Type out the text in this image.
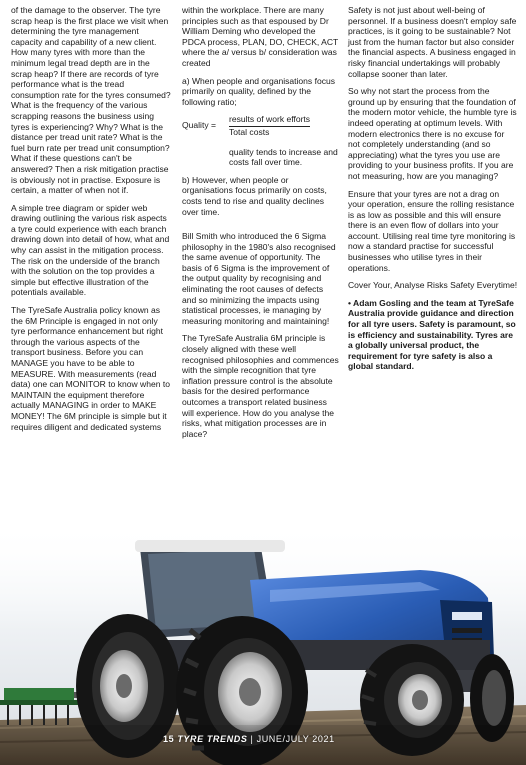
of the damage to the observer. The tyre scrap heap is the first place we visit when determining the tyre management capacity and capability of a new client. How many tyres with more than the minimum legal tread depth are in the scrap heap? If there are records of tyre performance what is the tread consumption rate for the tyres consumed? What is the frequency of the various scrapping reasons the business using tyres is experiencing? Why? What is the distance per tread unit rate? What is the fuel burn rate per tread unit consumption? What if these questions can't be answered? Then a risk mitigation practise is obviously not in practise. Exposure is certain, a matter of when not if.

A simple tree diagram or spider web drawing outlining the various risk aspects a tyre could experience with each branch drawing down into detail of how, what and why can assist in the mitigation process. The risk on the underside of the branch with the solution on the top provides a simple but effective illustration of the potentials available.

The TyreSafe Australia policy known as the 6M Principle is engaged in not only tyre performance enhancement but right through the various aspects of the transport business. Before you can MANAGE you have to be able to MEASURE. With measurements (read data) one can MONITOR to know when to MAINTAIN the equipment therefore actually MANAGING in order to MAKE MONEY! The 6M principle is simple but it requires diligent and dedicated systems

within the workplace. There are many principles such as that espoused by Dr William Deming who developed the PDCA process, PLAN, DO, CHECK, ACT where the a/ versus b/ consideration was created

a) When people and organisations focus primarily on quality, defined by the following ratio;

Quality =
results of work efforts
Total costs
quality tends to increase and costs fall over time.

b) However, when people or organisations focus primarily on costs, costs tend to rise and quality declines over time.

Bill Smith who introduced the 6 Sigma philosophy in the 1980's also recognised the same avenue of opportunity. The basis of 6 Sigma is the improvement of the output quality by recognising and eliminating the root causes of defects and so minimizing the impacts using statistical processes, ie managing by measuring monitoring and maintaining!

The TyreSafe Australia 6M principle is closely aligned with these well recognised philosophies and commences with the simple recognition that tyre inflation pressure control is the absolute basis for the desired performance outcomes a transport related business will experience. How do you analyse the risks, what mitigation processes are in place?

Safety is not just about well-being of personnel. If a business doesn't employ safe practices, is it going to be sustainable? Not just from the human factor but also consider the financial aspects. A business engaged in risky financial undertakings will probably collapse sooner than later.

So why not start the process from the ground up by ensuring that the foundation of the modern motor vehicle, the humble tyre is indeed operating at optimum levels. With modern electronics there is no excuse for not completely understanding (and so appreciating) what the tyres you use are providing to your business profits. If you are not measuring, how are you managing?

Ensure that your tyres are not a drag on your operation, ensure the rolling resistance is as low as possible and this will ensure there is an even flow of dollars into your account. Utilising real time tyre monitoring is now a standard practise for successful businesses who utilise tyres in their operations.

Cover Your, Analyse Risks Safety Everytime!

• Adam Gosling and the team at TyreSafe Australia provide guidance and direction for all tyre users. Safety is paramount, so is efficiency and sustainability. Tyres are a globally universal product, the requirement for tyre safety is also a global standard.

15 TYRE TRENDS | JUNE/JULY 2021
